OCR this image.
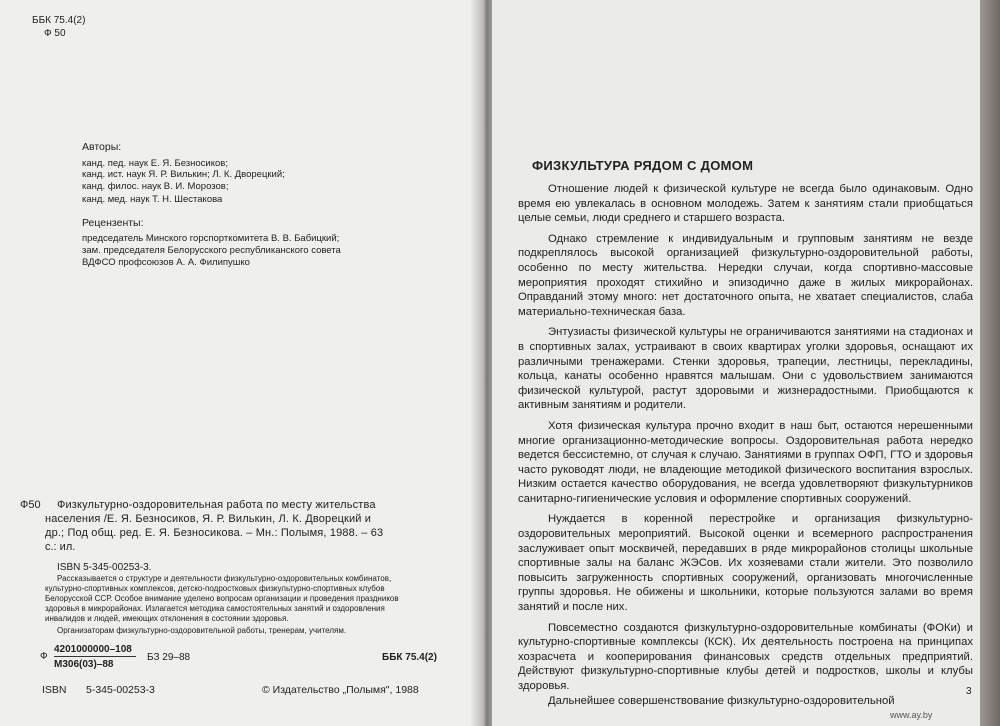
ББК 75.4(2)
Ф 50
Авторы:
канд. пед. наук Е. Я. Безносиков;
канд. ист. наук Я. Р. Вилькин; Л. К. Дворецкий;
канд. филос. наук В. И. Морозов;
канд. мед. наук Т. Н. Шестакова
Рецензенты:
председатель Минского горспорткомитета В. В. Бабицкий;
зам. председателя Белорусского республиканского совета
ВДФСО профсоюзов А. А. Филипушко
Ф50 Физкультурно-оздоровительная работа по месту жительства
населения /Е. Я. Безносиков, Я. Р. Вилькин, Л. К. Дворецкий и
др.; Под общ. ред. Е. Я. Безносикова. – Мн.: Полымя, 1988. – 63
с.: ил.
ISBN 5-345-00253-3.
Рассказывается о структуре и деятельности физкультурно-оздоровительных комбинатов,
культурно-спортивных комплексов, детско-подростковых физкультурно-спортивных клубов
Белорусской ССР. Особое внимание уделено вопросам организации и проведения праздников
здоровья в микрорайонах. Излагается методика самостоятельных занятий и оздоровления
инвалидов и людей, имеющих отклонения в состоянии здоровья.
Организаторам физкультурно-оздоровительной работы, тренерам, учителям.
Ф
4201000000–108
М306(03)–88
БЗ 29–88	ББК 75.4(2)
ISBN 5-345-00253-3	© Издательство „Полымя", 1988
ФИЗКУЛЬТУРА РЯДОМ С ДОМОМ

Отношение людей к физической культуре не всегда было одинаковым. Одно время ею увлекалась в основном молодежь. Затем к занятиям стали приобщаться целые семьи, люди среднего и старшего возраста.

Однако стремление к индивидуальным и групповым занятиям не везде подкреплялось высокой организацией физкультурно-оздоровительной работы, особенно по месту жительства. Нередки случаи, когда спортивно-массовые мероприятия проходят стихийно и эпизодично даже в жилых микрорайонах. Оправданий этому много: нет достаточного опыта, не хватает специалистов, слаба материально-техническая база.

Энтузиасты физической культуры не ограничиваются занятиями на стадионах и в спортивных залах, устраивают в своих квартирах уголки здоровья, оснащают их различными тренажерами. Стенки здоровья, трапеции, лестницы, перекладины, кольца, канаты особенно нравятся малышам. Они с удовольствием занимаются физической культурой, растут здоровыми и жизнерадостными. Приобщаются к активным занятиям и родители.

Хотя физическая культура прочно входит в наш быт, остаются нерешенными многие организационно-методические вопросы. Оздоровительная работа нередко ведется бессистемно, от случая к случаю. Занятиями в группах ОФП, ГТО и здоровья часто руководят люди, не владеющие методикой физического воспитания взрослых. Низким остается качество оборудования, не всегда удовлетворяют физкультурников санитарно-гигиенические условия и оформление спортивных сооружений.

Нуждается в коренной перестройке и организация физкультурно-оздоровительных мероприятий. Высокой оценки и всемерного распространения заслуживает опыт москвичей, передавших в ряде микрорайонов столицы школьные спортивные залы на баланс ЖЭСов. Их хозяевами стали жители. Это позволило повысить загруженность спортивных сооружений, организовать многочисленные группы здоровья. Не обижены и школьники, которые пользуются залами во время занятий и после них.

Повсеместно создаются физкультурно-оздоровительные комбинаты (ФОКи) и культурно-спортивные комплексы (КСК). Их деятельность построена на принципах хозрасчета и кооперирования финансовых средств отдельных предприятий. Действуют физкультурно-спортивные клубы детей и подростков, школы и клубы здоровья.

Дальнейшее совершенствование физкультурно-оздоровительной

3
www.ay.by
